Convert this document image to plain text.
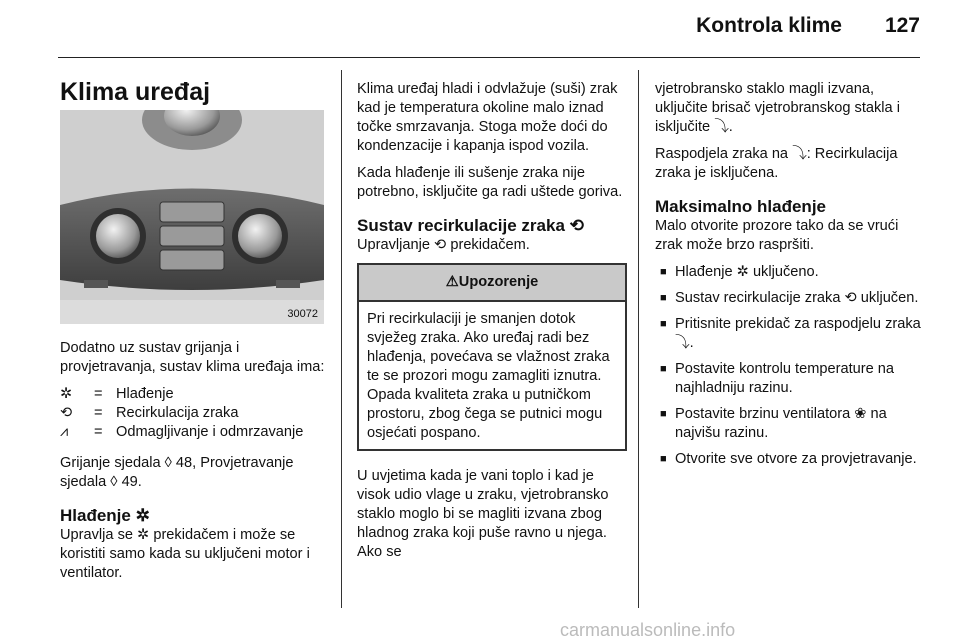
Kontrola klime 127
Klima uređaj
30072

Dodatno uz sustav grijanja i provjetravanja, sustav klima uređaja ima:

✲	= Hlađenje
⟲	= Recirkulacija zraka
⩘	= Odmagljivanje i odmrzavanje

Grijanje sjedala ◊ 48, Provjetravanje sjedala ◊ 49.

Hlađenje ✲

Upravlja se ✲ prekidačem i može se koristiti samo kada su uključeni motor i ventilator.

Klima uređaj hladi i odvlažuje (suši) zrak kad je temperatura okoline malo iznad točke smrzavanja. Stoga može doći do kondenzacije i kapanja ispod vozila.

Kada hlađenje ili sušenje zraka nije potrebno, isključite ga radi uštede goriva.

Sustav recirkulacije zraka ⟲

Upravljanje ⟲ prekidačem.

⚠Upozorenje
Pri recirkulaciji je smanjen dotok svježeg zraka. Ako uređaj radi bez hlađenja, povećava se vlažnost zraka te se prozori mogu zamagliti iznutra. Opada kvaliteta zraka u putničkom prostoru, zbog čega se putnici mogu osjećati pospano.

U uvjetima kada je vani toplo i kad je visok udio vlage u zraku, vjetrobransko staklo moglo bi se magliti izvana zbog hladnog zraka koji puše ravno u njega. Ako se

vjetrobransko staklo magli izvana, uključite brisač vjetrobranskog stakla i isključite ⤵.

Raspodjela zraka na ⤵: Recirkulacija zraka je isključena.

Maksimalno hlađenje

Malo otvorite prozore tako da se vrući zrak može brzo raspršiti.

■ Hlađenje ✲ uključeno.
■ Sustav recirkulacije zraka ⟲ uključen.
■ Pritisnite prekidač za raspodjelu zraka ⤵.
■ Postavite kontrolu temperature na najhladniju razinu.
■ Postavite brzinu ventilatora ❀ na najvišu razinu.
■ Otvorite sve otvore za provjetravanje.
carmanualsonline.info
